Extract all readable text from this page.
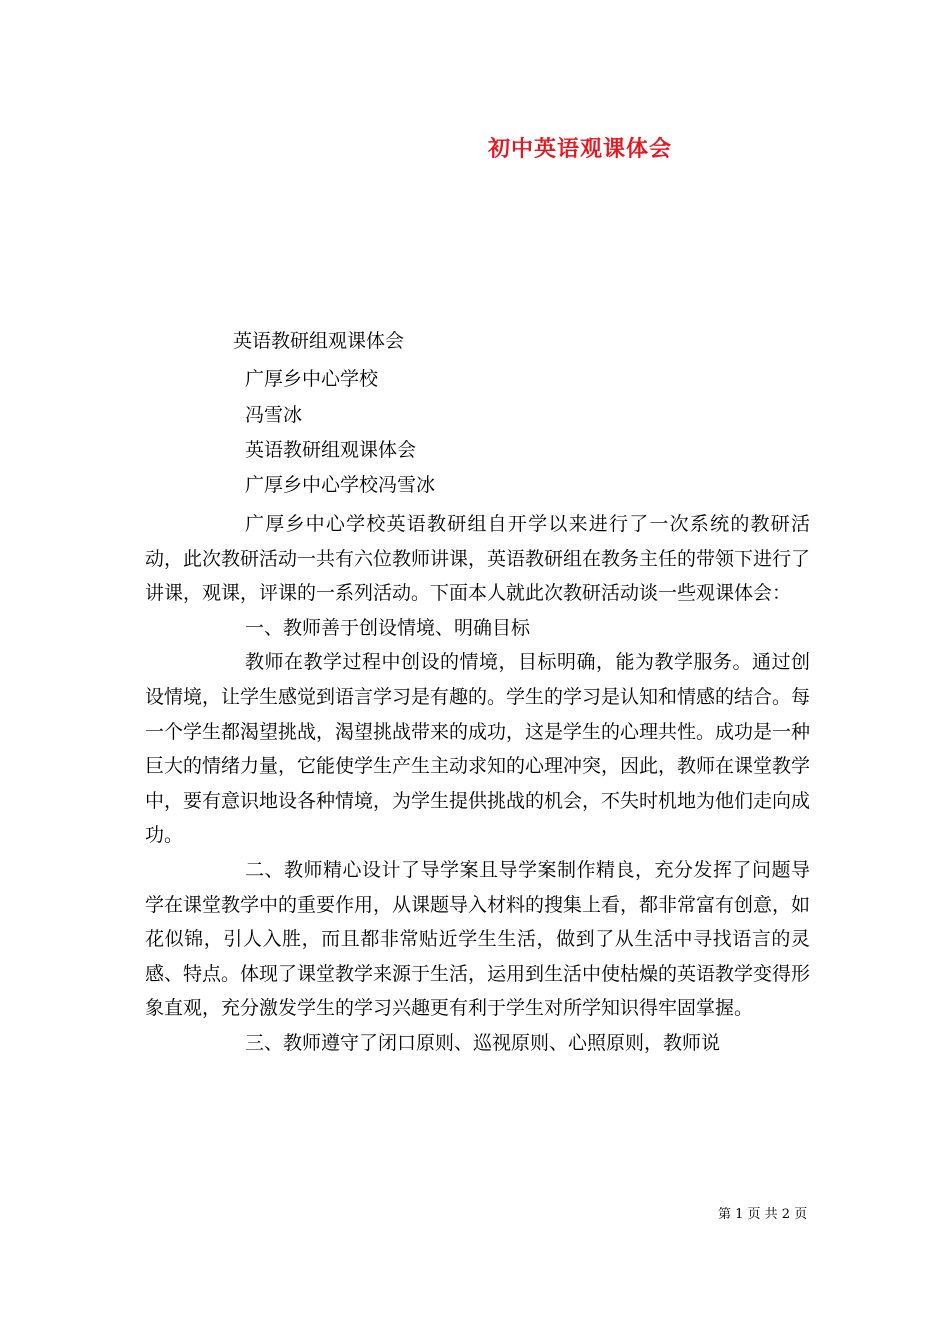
初中英语观课体会
英语教研组观课体会
广厚乡中心学校
冯雪冰
英语教研组观课体会
广厚乡中心学校冯雪冰

广厚乡中心学校英语教研组自开学以来进行了一次系统的教研活动，此次教研活动一共有六位教师讲课，英语教研组在教务主任的带领下进行了讲课，观课，评课的一系列活动。下面本人就此次教研活动谈一些观课体会：

一、教师善于创设情境、明确目标

教师在教学过程中创设的情境，目标明确，能为教学服务。通过创设情境，让学生感觉到语言学习是有趣的。学生的学习是认知和情感的结合。每一个学生都渴望挑战，渴望挑战带来的成功，这是学生的心理共性。成功是一种巨大的情绪力量，它能使学生产生主动求知的心理冲突，因此，教师在课堂教学中，要有意识地设各种情境，为学生提供挑战的机会，不失时机地为他们走向成功。

二、教师精心设计了导学案且导学案制作精良，充分发挥了问题导学在课堂教学中的重要作用，从课题导入材料的搜集上看，都非常富有创意，如花似锦，引人入胜，而且都非常贴近学生生活，做到了从生活中寻找语言的灵感、特点。体现了课堂教学来源于生活，运用到生活中使枯燥的英语教学变得形象直观，充分激发学生的学习兴趣更有利于学生对所学知识得牢固掌握。

三、教师遵守了闭口原则、巡视原则、心照原则，教师说

第 1 页 共 2 页
